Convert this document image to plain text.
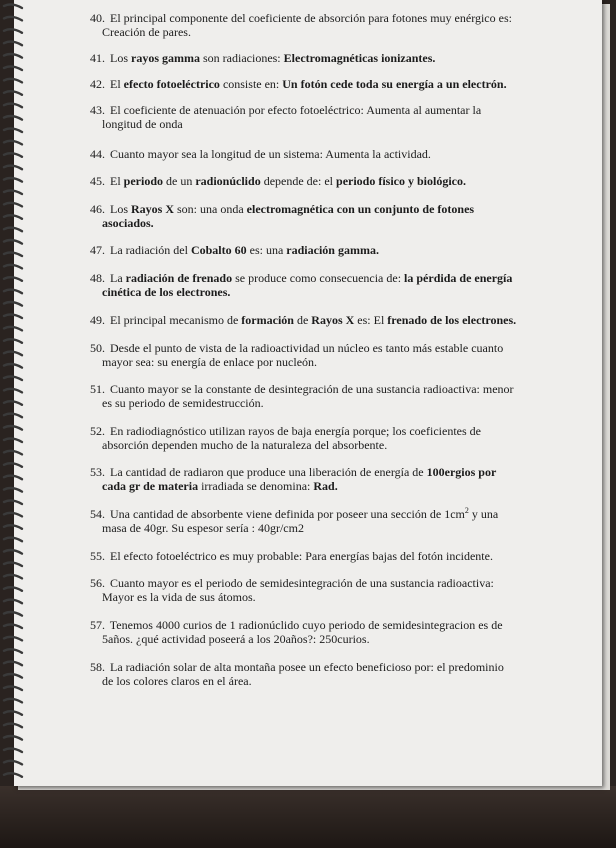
40. El principal componente del coeficiente de absorción para fotones muy enérgico es:
Creación de pares.
41. Los rayos gamma son radiaciones: Electromagnéticas ionizantes.
42. El efecto fotoeléctrico consiste en: Un fotón cede toda su energía a un electrón.
43. El coeficiente de atenuación por efecto fotoeléctrico: Aumenta al aumentar la
longitud de onda
44. Cuanto mayor sea la longitud de un sistema: Aumenta la actividad.
45. El periodo de un radionúclido depende de: el periodo físico y biológico.
46. Los Rayos X son: una onda electromagnética con un conjunto de fotones
asociados.
47. La radiación del Cobalto 60 es: una radiación gamma.
48. La radiación de frenado se produce como consecuencia de: la pérdida de energía
cinética de los electrones.
49. El principal mecanismo de formación de Rayos X es: El frenado de los electrones.
50. Desde el punto de vista de la radioactividad un núcleo es tanto más estable cuanto
mayor sea: su energía de enlace por nucleón.
51. Cuanto mayor se la constante de desintegración de una sustancia radioactiva: menor
es su periodo de semidestrucción.
52. En radiodiagnóstico utilizan rayos de baja energía porque; los coeficientes de
absorción dependen mucho de la naturaleza del absorbente.
53. La cantidad de radiaron que produce una liberación de energía de 100ergios por
cada gr de materia irradiada se denomina: Rad.
54. Una cantidad de absorbente viene definida por poseer una sección de $1cm^2$ y una
masa de 40gr. Su espesor sería : 40gr/cm2
55. El efecto fotoeléctrico es muy probable: Para energías bajas del fotón incidente.
56. Cuanto mayor es el periodo de semidesintegración de una sustancia radioactiva:
Mayor es la vida de sus átomos.
57. Tenemos 4000 curios de 1 radionúclido cuyo periodo de semidesintegracion es de
5años. ¿qué actividad poseerá a los 20años?: 250curios.
58. La radiación solar de alta montaña posee un efecto beneficioso por: el predominio
de los colores claros en el área.
